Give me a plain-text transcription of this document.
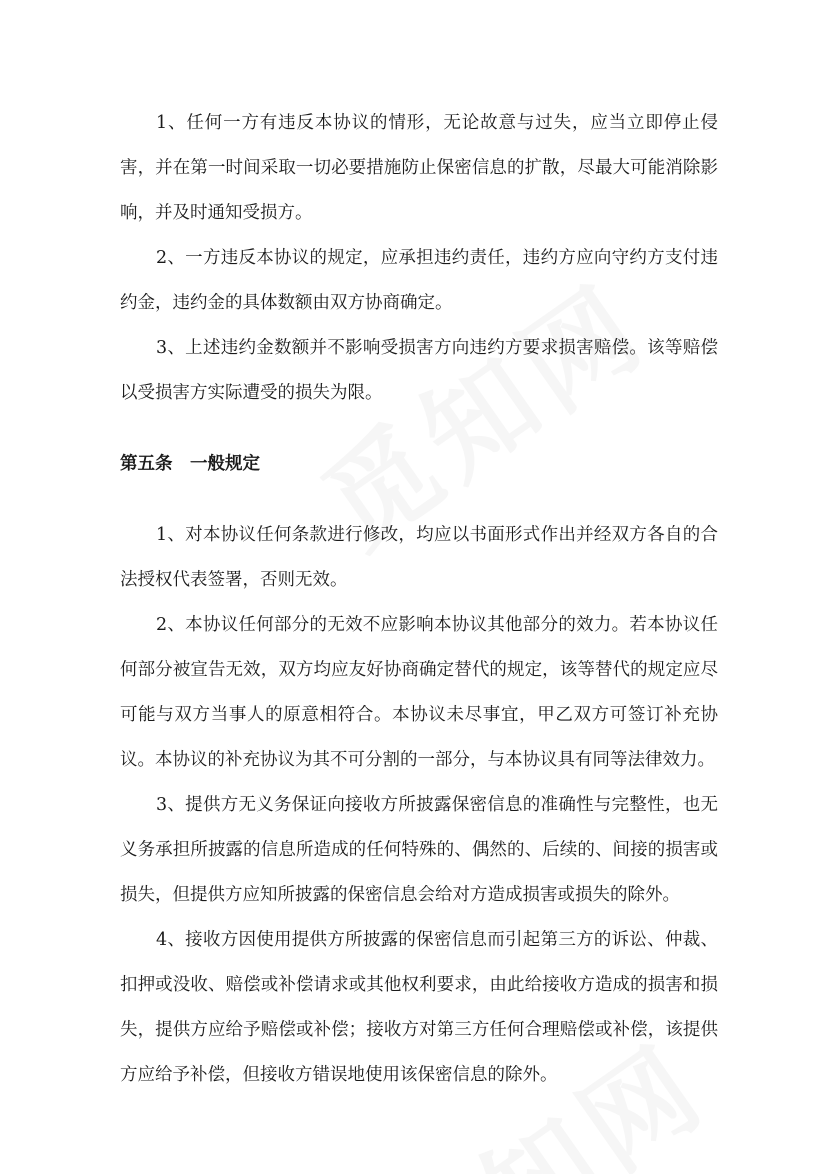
1、任何一方有违反本协议的情形，无论故意与过失，应当立即停止侵害，并在第一时间采取一切必要措施防止保密信息的扩散，尽最大可能消除影响，并及时通知受损方。

2、一方违反本协议的规定，应承担违约责任，违约方应向守约方支付违约金，违约金的具体数额由双方协商确定。

3、上述违约金数额并不影响受损害方向违约方要求损害赔偿。该等赔偿以受损害方实际遭受的损失为限。

第五条　一般规定

1、对本协议任何条款进行修改，均应以书面形式作出并经双方各自的合法授权代表签署，否则无效。

2、本协议任何部分的无效不应影响本协议其他部分的效力。若本协议任何部分被宣告无效，双方均应友好协商确定替代的规定，该等替代的规定应尽可能与双方当事人的原意相符合。本协议未尽事宜，甲乙双方可签订补充协议。本协议的补充协议为其不可分割的一部分，与本协议具有同等法律效力。

3、提供方无义务保证向接收方所披露保密信息的准确性与完整性，也无义务承担所披露的信息所造成的任何特殊的、偶然的、后续的、间接的损害或损失，但提供方应知所披露的保密信息会给对方造成损害或损失的除外。

4、接收方因使用提供方所披露的保密信息而引起第三方的诉讼、仲裁、扣押或没收、赔偿或补偿请求或其他权利要求，由此给接收方造成的损害和损失，提供方应给予赔偿或补偿；接收方对第三方任何合理赔偿或补偿，该提供方应给予补偿，但接收方错误地使用该保密信息的除外。
